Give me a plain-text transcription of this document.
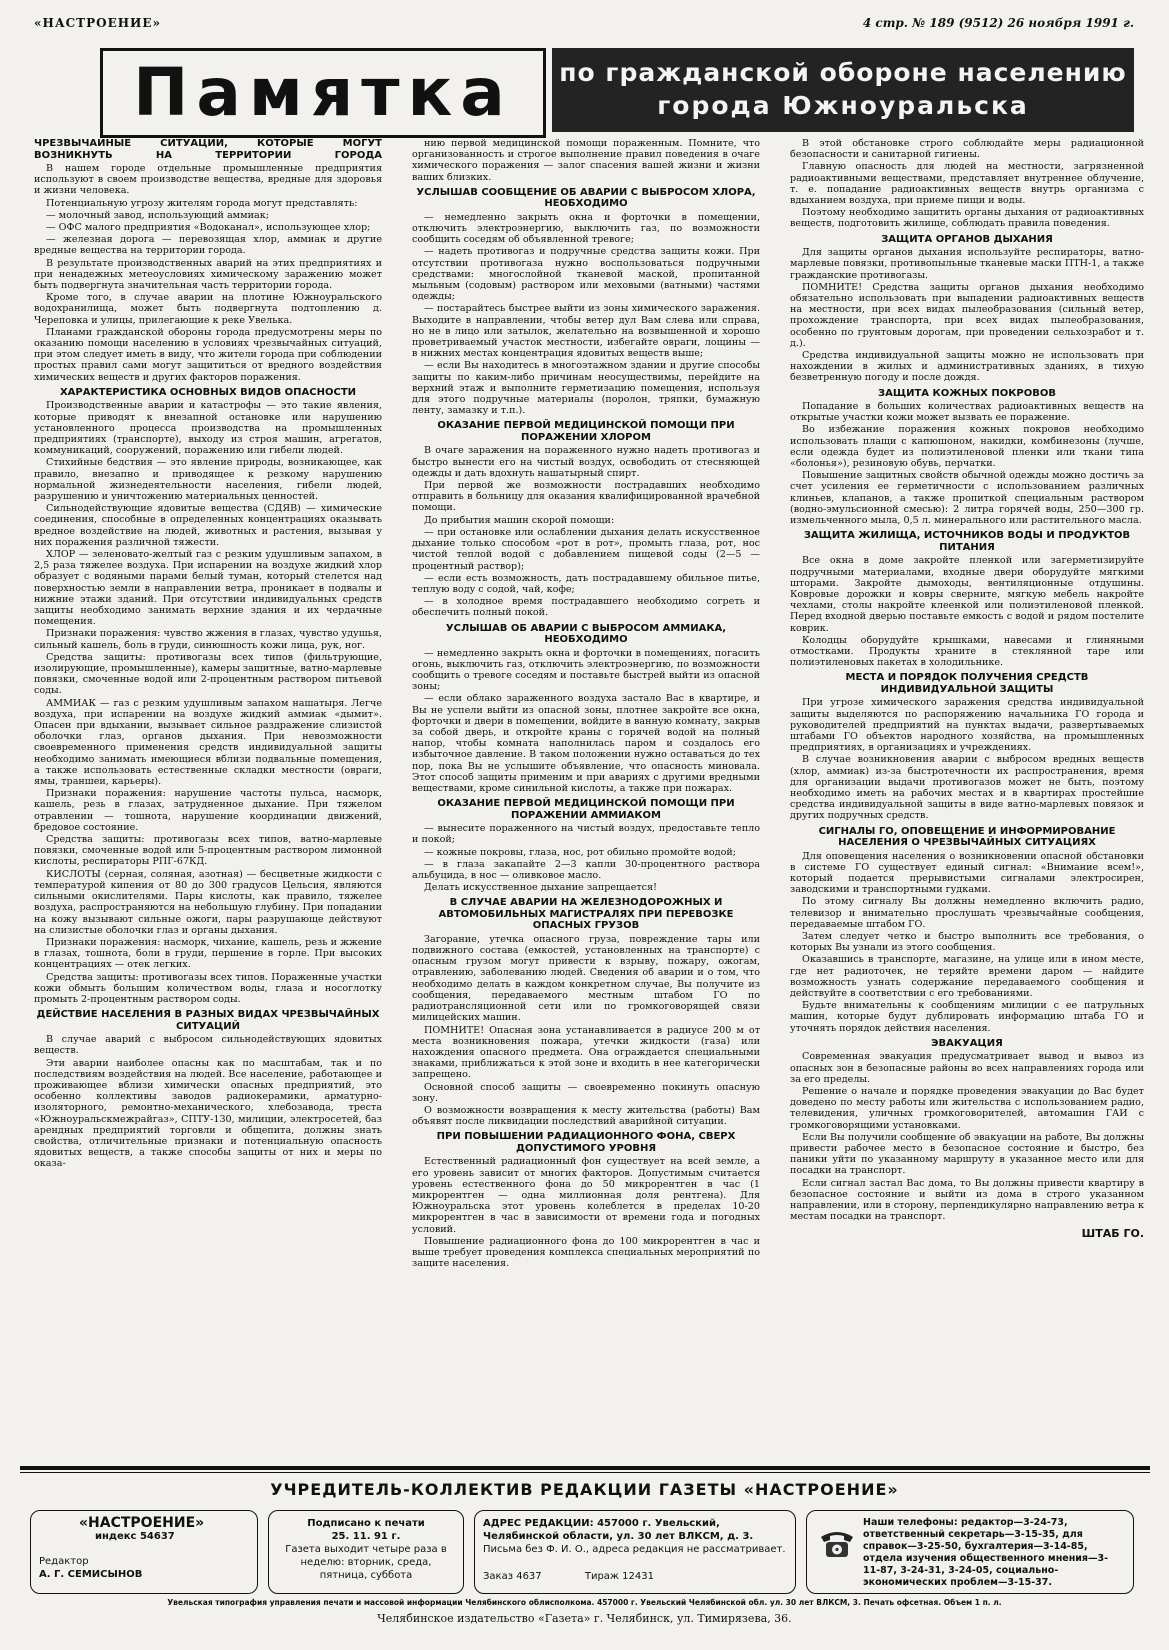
«НАСТРОЕНИЕ»	4 стр. № 189 (9512) 26 ноября 1991 г.
Памятка	по гражданской обороне населению
города Южноуральска
ЧРЕЗВЫЧАЙНЫЕ СИТУАЦИИ, КОТОРЫЕ МОГУТ ВОЗНИКНУТЬ НА ТЕРРИТОРИИ ГОРОДА

В нашем городе отдельные промышленные предприятия используют в своем производстве вещества, вредные для здоровья и жизни человека.

Потенциальную угрозу жителям города могут представлять:

— молочный завод, использующий аммиак;

— ОФС малого предприятия «Водоканал», использующее хлор;

— железная дорога — перевозящая хлор, аммиак и другие вредные вещества на территории города.

В результате производственных аварий на этих предприятиях и при ненадежных метеоусловиях химическому заражению может быть подвергнута значительная часть территории города.

Кроме того, в случае аварии на плотине Южноуральского водохранилища, может быть подвергнута подтоплению д. Череповка и улицы, прилегающие к реке Увелька.

Планами гражданской обороны города предусмотрены меры по оказанию помощи населению в условиях чрезвычайных ситуаций, при этом следует иметь в виду, что жители города при соблюдении простых правил сами могут защититься от вредного воздействия химических веществ и других факторов поражения.

ХАРАКТЕРИСТИКА ОСНОВНЫХ ВИДОВ ОПАСНОСТИ

Производственные аварии и катастрофы — это такие явления, которые приводят к внезапной остановке или нарушению установленного процесса производства на промышленных предприятиях (транспорте), выходу из строя машин, агрегатов, коммуникаций, сооружений, поражению или гибели людей.

Стихийные бедствия — это явление природы, возникающее, как правило, внезапно и приводящее к резкому нарушению нормальной жизнедеятельности населения, гибели людей, разрушению и уничтожению материальных ценностей.

Сильнодействующие ядовитые вещества (СДЯВ) — химические соединения, способные в определенных концентрациях оказывать вредное воздействие на людей, животных и растения, вызывая у них поражения различной тяжести.

ХЛОР — зеленовато-желтый газ с резким удушливым запахом, в 2,5 раза тяжелее воздуха. При испарении на воздухе жидкий хлор образует с водяными парами белый туман, который стелется над поверхностью земли в направлении ветра, проникает в подвалы и нижние этажи зданий. При отсутствии индивидуальных средств защиты необходимо занимать верхние здания и их чердачные помещения.

Признаки поражения: чувство жжения в глазах, чувство удушья, сильный кашель, боль в груди, синюшность кожи лица, рук, ног.

Средства защиты: противогазы всех типов (фильтрующие, изолирующие, промышленные), камеры защитные, ватно-марлевые повязки, смоченные водой или 2-процентным раствором питьевой соды.

АММИАК — газ с резким удушливым запахом нашатыря. Легче воздуха, при испарении на воздухе жидкий аммиак «дымит». Опасен при вдыхании, вызывает сильное раздражение слизистой оболочки глаз, органов дыхания. При невозможности своевременного применения средств индивидуальной защиты необходимо занимать имеющиеся вблизи подвальные помещения, а также использовать естественные складки местности (овраги, ямы, траншеи, карьеры).

Признаки поражения: нарушение частоты пульса, насморк, кашель, резь в глазах, затрудненное дыхание. При тяжелом отравлении — тошнота, нарушение координации движений, бредовое состояние.

Средства защиты: противогазы всех типов, ватно-марлевые повязки, смоченные водой или 5-процентным раствором лимонной кислоты, респираторы РПГ-67КД.

КИСЛОТЫ (серная, соляная, азотная) — бесцветные жидкости с температурой кипения от 80 до 300 градусов Цельсия, являются сильными окислителями. Пары кислоты, как правило, тяжелее воздуха, распространяются на небольшую глубину. При попадании на кожу вызывают сильные ожоги, пары разрушающе действуют на слизистые оболочки глаз и органы дыхания.

Признаки поражения: насморк, чихание, кашель, резь и жжение в глазах, тошнота, боли в груди, першение в горле. При высоких концентрациях — отек легких.

Средства защиты: противогазы всех типов. Пораженные участки кожи обмыть большим количеством воды, глаза и носоглотку промыть 2-процентным раствором соды.

ДЕЙСТВИЕ НАСЕЛЕНИЯ В РАЗНЫХ ВИДАХ ЧРЕЗВЫЧАЙНЫХ СИТУАЦИЙ

В случае аварий с выбросом сильнодействующих ядовитых веществ.

Эти аварии наиболее опасны как по масштабам, так и по последствиям воздействия на людей. Все население, работающее и проживающее вблизи химически опасных предприятий, это особенно коллективы заводов радиокерамики, арматурно-изоляторного, ремонтно-механического, хлебозавода, треста «Южноуральскмежрайгаз», СПТУ-130, милиции, электросетей, баз арендных предприятий торговли и общепита, должны знать свойства, отличительные признаки и потенциальную опасность ядовитых веществ, а также способы защиты от них и меры по оказа-

нию первой медицинской помощи пораженным. Помните, что организованность и строгое выполнение правил поведения в очаге химического поражения — залог спасения вашей жизни и жизни ваших близких.

УСЛЫШАВ СООБЩЕНИЕ ОБ АВАРИИ С ВЫБРОСОМ ХЛОРА, НЕОБХОДИМО

— немедленно закрыть окна и форточки в помещении, отключить электроэнергию, выключить газ, по возможности сообщить соседям об объявленной тревоге;

— надеть противогаз и подручные средства защиты кожи. При отсутствии противогаза нужно воспользоваться подручными средствами: многослойной тканевой маской, пропитанной мыльным (содовым) раствором или меховыми (ватными) частями одежды;

— постарайтесь быстрее выйти из зоны химического заражения. Выходите в направлении, чтобы ветер дул Вам слева или справа, но не в лицо или затылок, желательно на возвышенной и хорошо проветриваемый участок местности, избегайте овраги, лощины — в нижних местах концентрация ядовитых веществ выше;

— если Вы находитесь в многоэтажном здании и другие способы защиты по каким-либо причинам неосуществимы, перейдите на верхний этаж и выполните герметизацию помещения, используя для этого подручные материалы (поролон, тряпки, бумажную ленту, замазку и т.п.).

ОКАЗАНИЕ ПЕРВОЙ МЕДИЦИНСКОЙ ПОМОЩИ ПРИ ПОРАЖЕНИИ ХЛОРОМ

В очаге заражения на пораженного нужно надеть противогаз и быстро вынести его на чистый воздух, освободить от стесняющей одежды и дать вдохнуть нашатырный спирт.

При первой же возможности пострадавших необходимо отправить в больницу для оказания квалифицированной врачебной помощи.

До прибытия машин скорой помощи:

— при остановке или ослаблении дыхания делать искусственное дыхание только способом «рот в рот», промыть глаза, рот, нос чистой теплой водой с добавлением пищевой соды (2—5 — процентный раствор);

— если есть возможность, дать пострадавшему обильное питье, теплую воду с содой, чай, кофе;

— в холодное время пострадавшего необходимо согреть и обеспечить полный покой.

УСЛЫШАВ ОБ АВАРИИ С ВЫБРОСОМ АММИАКА, НЕОБХОДИМО

— немедленно закрыть окна и форточки в помещениях, погасить огонь, выключить газ, отключить электроэнергию, по возможности сообщить о тревоге соседям и поставьте быстрей выйти из опасной зоны;

— если облако зараженного воздуха застало Вас в квартире, и Вы не успели выйти из опасной зоны, плотнее закройте все окна, форточки и двери в помещении, войдите в ванную комнату, закрыв за собой дверь, и откройте краны с горячей водой на полный напор, чтобы комната наполнилась паром и создалось его избыточное давление. В таком положении нужно оставаться до тех пор, пока Вы не услышите объявление, что опасность миновала. Этот способ защиты применим и при авариях с другими вредными веществами, кроме синильной кислоты, а также при пожарах.

ОКАЗАНИЕ ПЕРВОЙ МЕДИЦИНСКОЙ ПОМОЩИ ПРИ ПОРАЖЕНИИ АММИАКОМ

— вынесите пораженного на чистый воздух, предоставьте тепло и покой;

— кожные покровы, глаза, нос, рот обильно промойте водой;

— в глаза закапайте 2—3 капли 30-процентного раствора альбуцида, в нос — оливковое масло.

Делать искусственное дыхание запрещается!

В СЛУЧАЕ АВАРИИ НА ЖЕЛЕЗНОДОРОЖНЫХ И АВТОМОБИЛЬНЫХ МАГИСТРАЛЯХ ПРИ ПЕРЕВОЗКЕ ОПАСНЫХ ГРУЗОВ

Загорание, утечка опасного груза, повреждение тары или подвижного состава (емкостей, установленных на транспорте) с опасным грузом могут привести к взрыву, пожару, ожогам, отравлению, заболеванию людей. Сведения об аварии и о том, что необходимо делать в каждом конкретном случае, Вы получите из сообщения, передаваемого местным штабом ГО по радиотрансляционной сети или по громкоговорящей связи милицейских машин.

ПОМНИТЕ! Опасная зона устанавливается в радиусе 200 м от места возникновения пожара, утечки жидкости (газа) или нахождения опасного предмета. Она ограждается специальными знаками, приближаться к этой зоне и входить в нее категорически запрещено.

Основной способ защиты — своевременно покинуть опасную зону.

О возможности возвращения к месту жительства (работы) Вам объявят после ликвидации последствий аварийной ситуации.

ПРИ ПОВЫШЕНИИ РАДИАЦИОННОГО ФОНА, СВЕРХ ДОПУСТИМОГО УРОВНЯ

Естественный радиационный фон существует на всей земле, а его уровень зависит от многих факторов. Допустимым считается уровень естественного фона до 50 микрорентген в час (1 микрорентген — одна миллионная доля рентгена). Для Южноуральска этот уровень колеблется в пределах 10-20 микрорентген в час в зависимости от времени года и погодных условий.

Повышение радиационного фона до 100 микрорентген в час и выше требует проведения комплекса специальных мероприятий по защите населения.

В этой обстановке строго соблюдайте меры радиационной безопасности и санитарной гигиены.

Главную опасность для людей на местности, загрязненной радиоактивными веществами, представляет внутреннее облучение, т. е. попадание радиоактивных веществ внутрь организма с вдыханием воздуха, при приеме пищи и воды.

Поэтому необходимо защитить органы дыхания от радиоактивных веществ, подготовить жилище, соблюдать правила поведения.

ЗАЩИТА ОРГАНОВ ДЫХАНИЯ

Для защиты органов дыхания используйте респираторы, ватно-марлевые повязки, противопыльные тканевые маски ПТН-1, а также гражданские противогазы.

ПОМНИТЕ! Средства защиты органов дыхания необходимо обязательно использовать при выпадении радиоактивных веществ на местности, при всех видах пылеобразования (сильный ветер, прохождение транспорта, при всех видах пылеобразования, особенно по грунтовым дорогам, при проведении сельхозработ и т. д.).

Средства индивидуальной защиты можно не использовать при нахождении в жилых и административных зданиях, в тихую безветренную погоду и после дождя.

ЗАЩИТА КОЖНЫХ ПОКРОВОВ

Попадание в больших количествах радиоактивных веществ на открытые участки кожи может вызвать ее поражение.

Во избежание поражения кожных покровов необходимо использовать плащи с капюшоном, накидки, комбинезоны (лучше, если одежда будет из полиэтиленовой пленки или ткани типа «болонья»), резиновую обувь, перчатки.

Повышение защитных свойств обычной одежды можно достичь за счет усиления ее герметичности с использованием различных клиньев, клапанов, а также пропиткой специальным раствором (водно-эмульсионной смесью): 2 литра горячей воды, 250—300 гр. измельченного мыла, 0,5 л. минерального или растительного масла.

ЗАЩИТА ЖИЛИЩА, ИСТОЧНИКОВ ВОДЫ И ПРОДУКТОВ ПИТАНИЯ

Все окна в доме закройте пленкой или загерметизируйте подручными материалами, входные двери оборудуйте мягкими шторами. Закройте дымоходы, вентиляционные отдушины. Ковровые дорожки и ковры сверните, мягкую мебель накройте чехлами, столы накройте клеенкой или полиэтиленовой пленкой. Перед входной дверью поставьте емкость с водой и рядом постелите коврик.

Колодцы оборудуйте крышками, навесами и глиняными отмостками. Продукты храните в стеклянной таре или полиэтиленовых пакетах в холодильнике.

МЕСТА И ПОРЯДОК ПОЛУЧЕНИЯ СРЕДСТВ ИНДИВИДУАЛЬНОЙ ЗАЩИТЫ

При угрозе химического заражения средства индивидуальной защиты выделяются по распоряжению начальника ГО города и руководителей предприятий на пунктах выдачи, развертываемых штабами ГО объектов народного хозяйства, на промышленных предприятиях, в организациях и учреждениях.

В случае возникновения аварии с выбросом вредных веществ (хлор, аммиак) из-за быстротечности их распространения, время для организации выдачи противогазов может не быть, поэтому необходимо иметь на рабочих местах и в квартирах простейшие средства индивидуальной защиты в виде ватно-марлевых повязок и других подручных средств.

СИГНАЛЫ ГО, ОПОВЕЩЕНИЕ И ИНФОРМИРОВАНИЕ НАСЕЛЕНИЯ О ЧРЕЗВЫЧАЙНЫХ СИТУАЦИЯХ

Для оповещения населения о возникновении опасной обстановки в системе ГО существует единый сигнал: «Внимание всем!», который подается прерывистыми сигналами электросирен, заводскими и транспортными гудками.

По этому сигналу Вы должны немедленно включить радио, телевизор и внимательно прослушать чрезвычайные сообщения, передаваемые штабом ГО.

Затем следует четко и быстро выполнить все требования, о которых Вы узнали из этого сообщения.

Оказавшись в транспорте, магазине, на улице или в ином месте, где нет радиоточек, не теряйте времени даром — найдите возможность узнать содержание передаваемого сообщения и действуйте в соответствии с его требованиями.

Будьте внимательны к сообщениям милиции с ее патрульных машин, которые будут дублировать информацию штаба ГО и уточнять порядок действия населения.

ЭВАКУАЦИЯ

Современная эвакуация предусматривает вывод и вывоз из опасных зон в безопасные районы во всех направлениях города или за его пределы.

Решение о начале и порядке проведения эвакуации до Вас будет доведено по месту работы или жительства с использованием радио, телевидения, уличных громкоговорителей, автомашин ГАИ с громкоговорящими установками.

Если Вы получили сообщение об эвакуации на работе, Вы должны привести рабочее место в безопасное состояние и быстро, без паники уйти по указанному маршруту в указанное место или для посадки на транспорт.

Если сигнал застал Вас дома, то Вы должны привести квартиру в безопасное состояние и выйти из дома в строго указанном направлении, или в сторону, перпендикулярно направлению ветра к местам посадки на транспорт.

ШТАБ ГО.
УЧРЕДИТЕЛЬ-КОЛЛЕКТИВ РЕДАКЦИИ ГАЗЕТЫ «НАСТРОЕНИЕ»
«НАСТРОЕНИЕ»
индекс 54637
Редактор
А. Г. СЕМИСЫНОВ
Подписано к печати
25. 11. 91 г.
Газета выходит четыре раза в неделю: вторник, среда, пятница, суббота
АДРЕС РЕДАКЦИИ: 457000 г. Увельский, Челябинской области, ул. 30 лет ВЛКСМ, д. 3.
Письма без Ф. И. О., адреса редакция не рассматривает.
Заказ 4637	Тираж 12431
Наши телефоны: редактор—3-24-73, ответственный секретарь—3-15-35, для справок—3-25-50, бухгалтерия—3-14-85, отдела изучения общественного мнения—3-11-87, 3-24-31, 3-24-05, социально-экономических проблем—3-15-37.
Увельская типография управления печати и массовой информации Челябинского облисполкома. 457000 г. Увельский Челябинской обл. ул. 30 лет ВЛКСМ, 3. Печать офсетная. Объем 1 п. л.
Челябинское издательство «Газета» г. Челябинск, ул. Тимирязева, 36.
